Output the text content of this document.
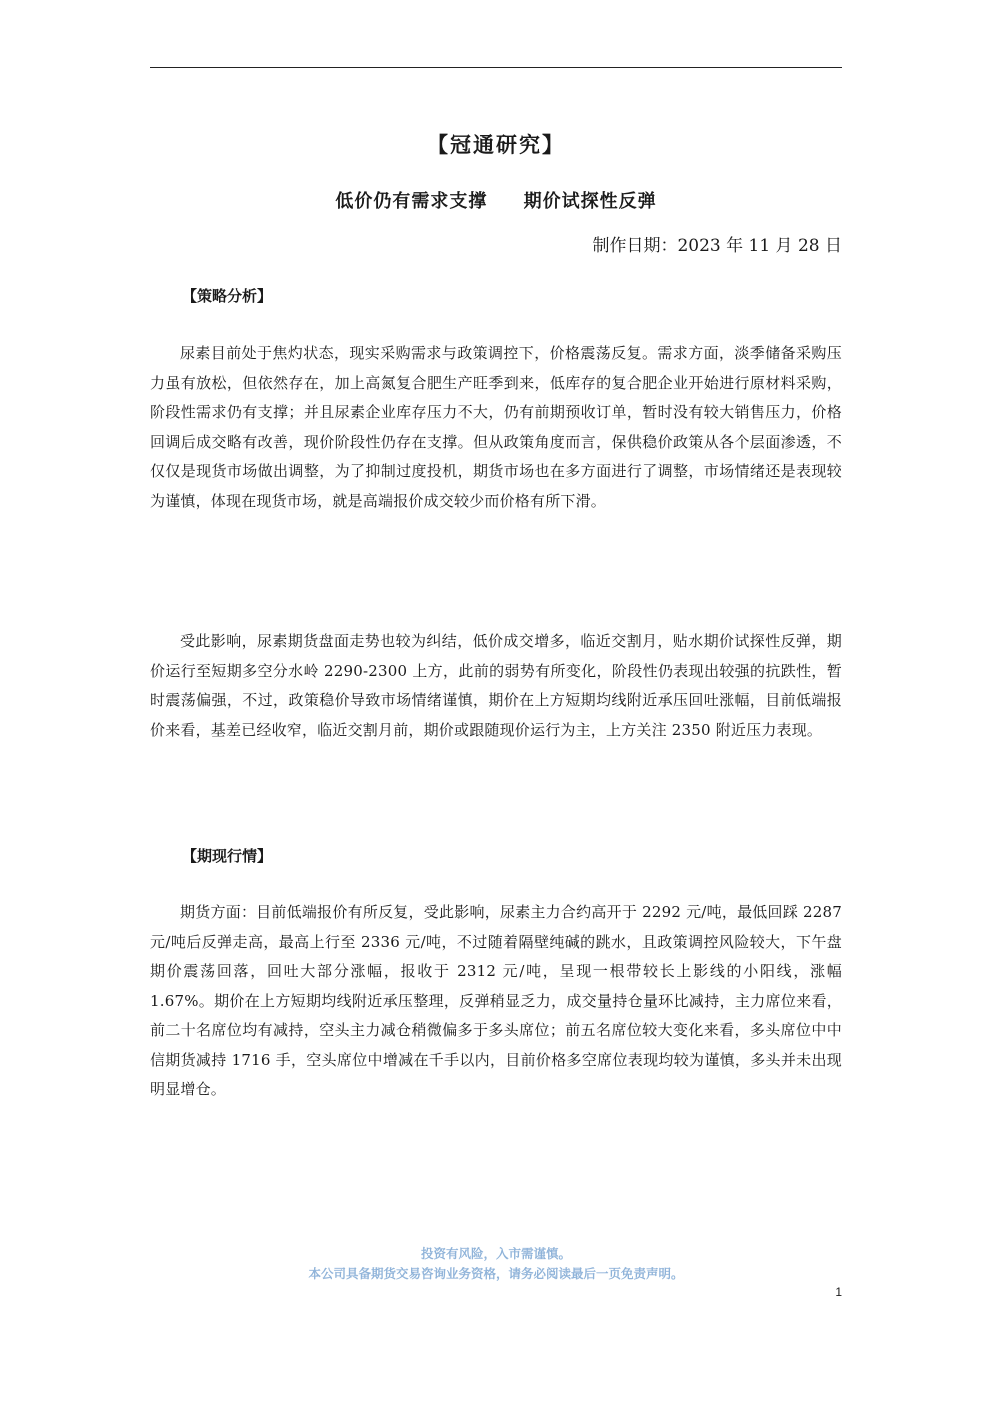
【冠通研究】
低价仍有需求支撑     期价试探性反弹
制作日期：2023 年 11 月 28 日
【策略分析】

尿素目前处于焦灼状态，现实采购需求与政策调控下，价格震荡反复。需求方面，淡季储备采购压力虽有放松，但依然存在，加上高氮复合肥生产旺季到来，低库存的复合肥企业开始进行原材料采购，阶段性需求仍有支撑；并且尿素企业库存压力不大，仍有前期预收订单，暂时没有较大销售压力，价格回调后成交略有改善，现价阶段性仍存在支撑。但从政策角度而言，保供稳价政策从各个层面渗透，不仅仅是现货市场做出调整，为了抑制过度投机，期货市场也在多方面进行了调整，市场情绪还是表现较为谨慎，体现在现货市场，就是高端报价成交较少而价格有所下滑。

受此影响，尿素期货盘面走势也较为纠结，低价成交增多，临近交割月，贴水期价试探性反弹，期价运行至短期多空分水岭 2290-2300 上方，此前的弱势有所变化，阶段性仍表现出较强的抗跌性，暂时震荡偏强，不过，政策稳价导致市场情绪谨慎，期价在上方短期均线附近承压回吐涨幅，目前低端报价来看，基差已经收窄，临近交割月前，期价或跟随现价运行为主，上方关注 2350 附近压力表现。

【期现行情】

期货方面：目前低端报价有所反复，受此影响，尿素主力合约高开于 2292 元/吨，最低回踩 2287 元/吨后反弹走高，最高上行至 2336 元/吨，不过随着隔壁纯碱的跳水，且政策调控风险较大，下午盘期价震荡回落，回吐大部分涨幅，报收于 2312 元/吨，呈现一根带较长上影线的小阳线，涨幅 1.67%。期价在上方短期均线附近承压整理，反弹稍显乏力，成交量持仓量环比减持，主力席位来看，前二十名席位均有减持，空头主力减仓稍微偏多于多头席位；前五名席位较大变化来看，多头席位中中信期货减持 1716 手，空头席位中增减在千手以内，目前价格多空席位表现均较为谨慎，多头并未出现明显增仓。

投资有风险，入市需谨慎。
本公司具备期货交易咨询业务资格，请务必阅读最后一页免责声明。
1
